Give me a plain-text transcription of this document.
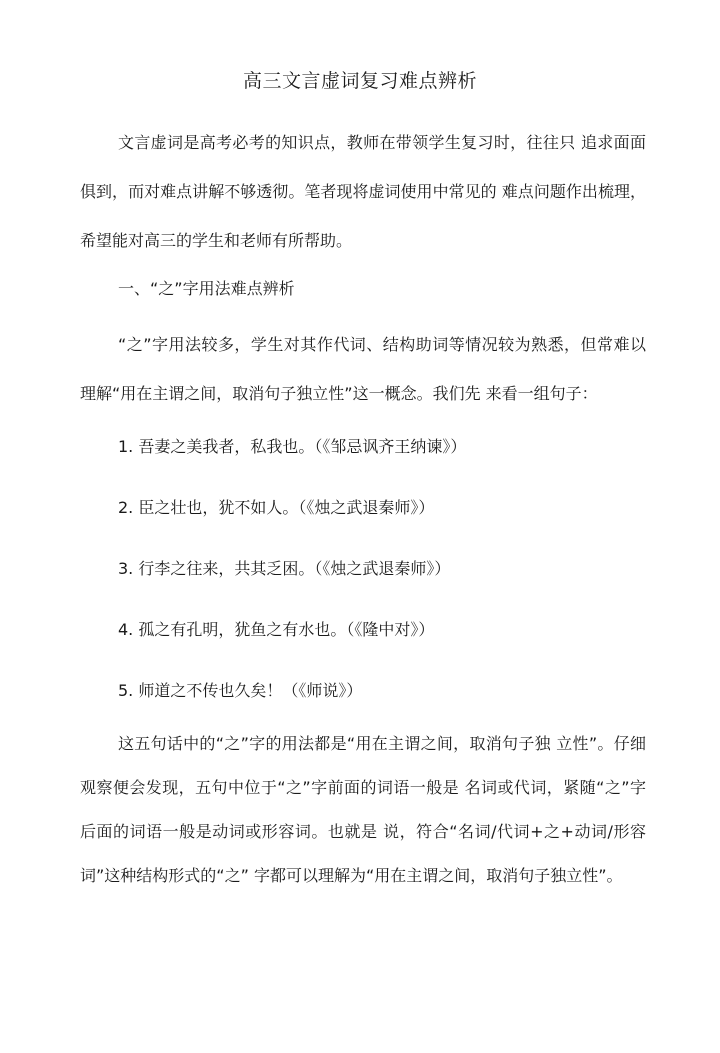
高三文言虚词复习难点辨析

文言虚词是高考必考的知识点，教师在带领学生复习时，往往只 追求面面俱到，而对难点讲解不够透彻。笔者现将虚词使用中常见的 难点问题作出梳理，希望能对高三的学生和老师有所帮助。

一、“之”字用法难点辨析

“之”字用法较多，学生对其作代词、结构助词等情况较为熟悉，但常难以理解“用在主谓之间，取消句子独立性”这一概念。我们先 来看一组句子：

1. 吾妻之美我者，私我也。（《邹忌讽齐王纳谏》）
2. 臣之壮也，犹不如人。（《烛之武退秦师》）
3. 行李之往来，共其乏困。（《烛之武退秦师》）
4. 孤之有孔明，犹鱼之有水也。（《隆中对》）
5. 师道之不传也久矣！（《师说》）

这五句话中的“之”字的用法都是“用在主谓之间，取消句子独 立性”。仔细观察便会发现，五句中位于“之”字前面的词语一般是 名词或代词，紧随“之”字后面的词语一般是动词或形容词。也就是 说，符合“名词/代词+之+动词/形容词”这种结构形式的“之” 字都可以理解为“用在主谓之间，取消句子独立性”。
